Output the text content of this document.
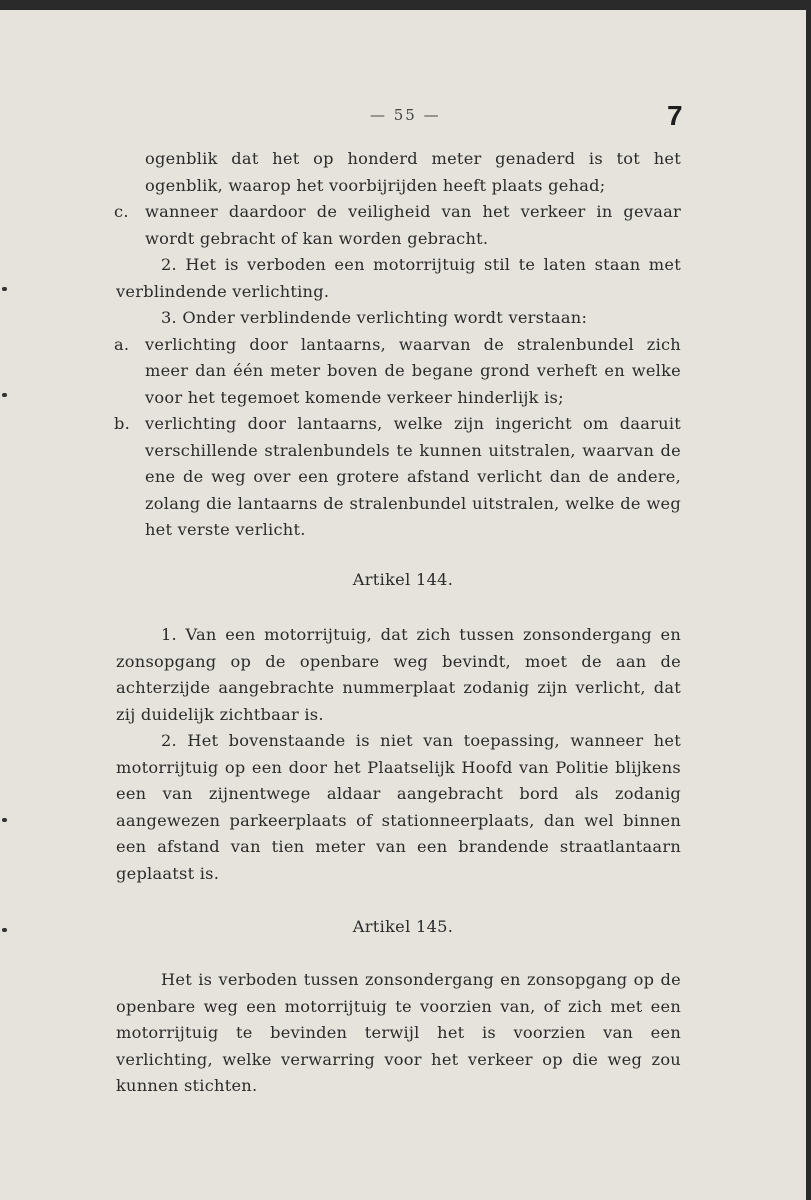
— 55 —	7

ogenblik dat het op honderd meter genaderd is tot het ogenblik, waarop het voorbijrijden heeft plaats gehad;

c. wanneer daardoor de veiligheid van het verkeer in gevaar wordt gebracht of kan worden gebracht.

2. Het is verboden een motorrijtuig stil te laten staan met verblindende verlichting.

3. Onder verblindende verlichting wordt verstaan:

a. verlichting door lantaarns, waarvan de stralenbundel zich meer dan één meter boven de begane grond verheft en welke voor het tegemoet komende verkeer hinderlijk is;

b. verlichting door lantaarns, welke zijn ingericht om daaruit verschillende stralenbundels te kunnen uitstralen, waarvan de ene de weg over een grotere afstand verlicht dan de andere, zolang die lantaarns de stralenbundel uitstralen, welke de weg het verste verlicht.

Artikel 144.

1. Van een motorrijtuig, dat zich tussen zonsondergang en zonsopgang op de openbare weg bevindt, moet de aan de achterzijde aangebrachte nummerplaat zodanig zijn verlicht, dat zij duidelijk zichtbaar is.

2. Het bovenstaande is niet van toepassing, wanneer het motorrijtuig op een door het Plaatselijk Hoofd van Politie blijkens een van zijnentwege aldaar aangebracht bord als zodanig aangewezen parkeerplaats of stationneerplaats, dan wel binnen een afstand van tien meter van een brandende straatlantaarn geplaatst is.

Artikel 145.

Het is verboden tussen zonsondergang en zonsopgang op de openbare weg een motorrijtuig te voorzien van, of zich met een motorrijtuig te bevinden terwijl het is voorzien van een verlichting, welke verwarring voor het verkeer op die weg zou kunnen stichten.
